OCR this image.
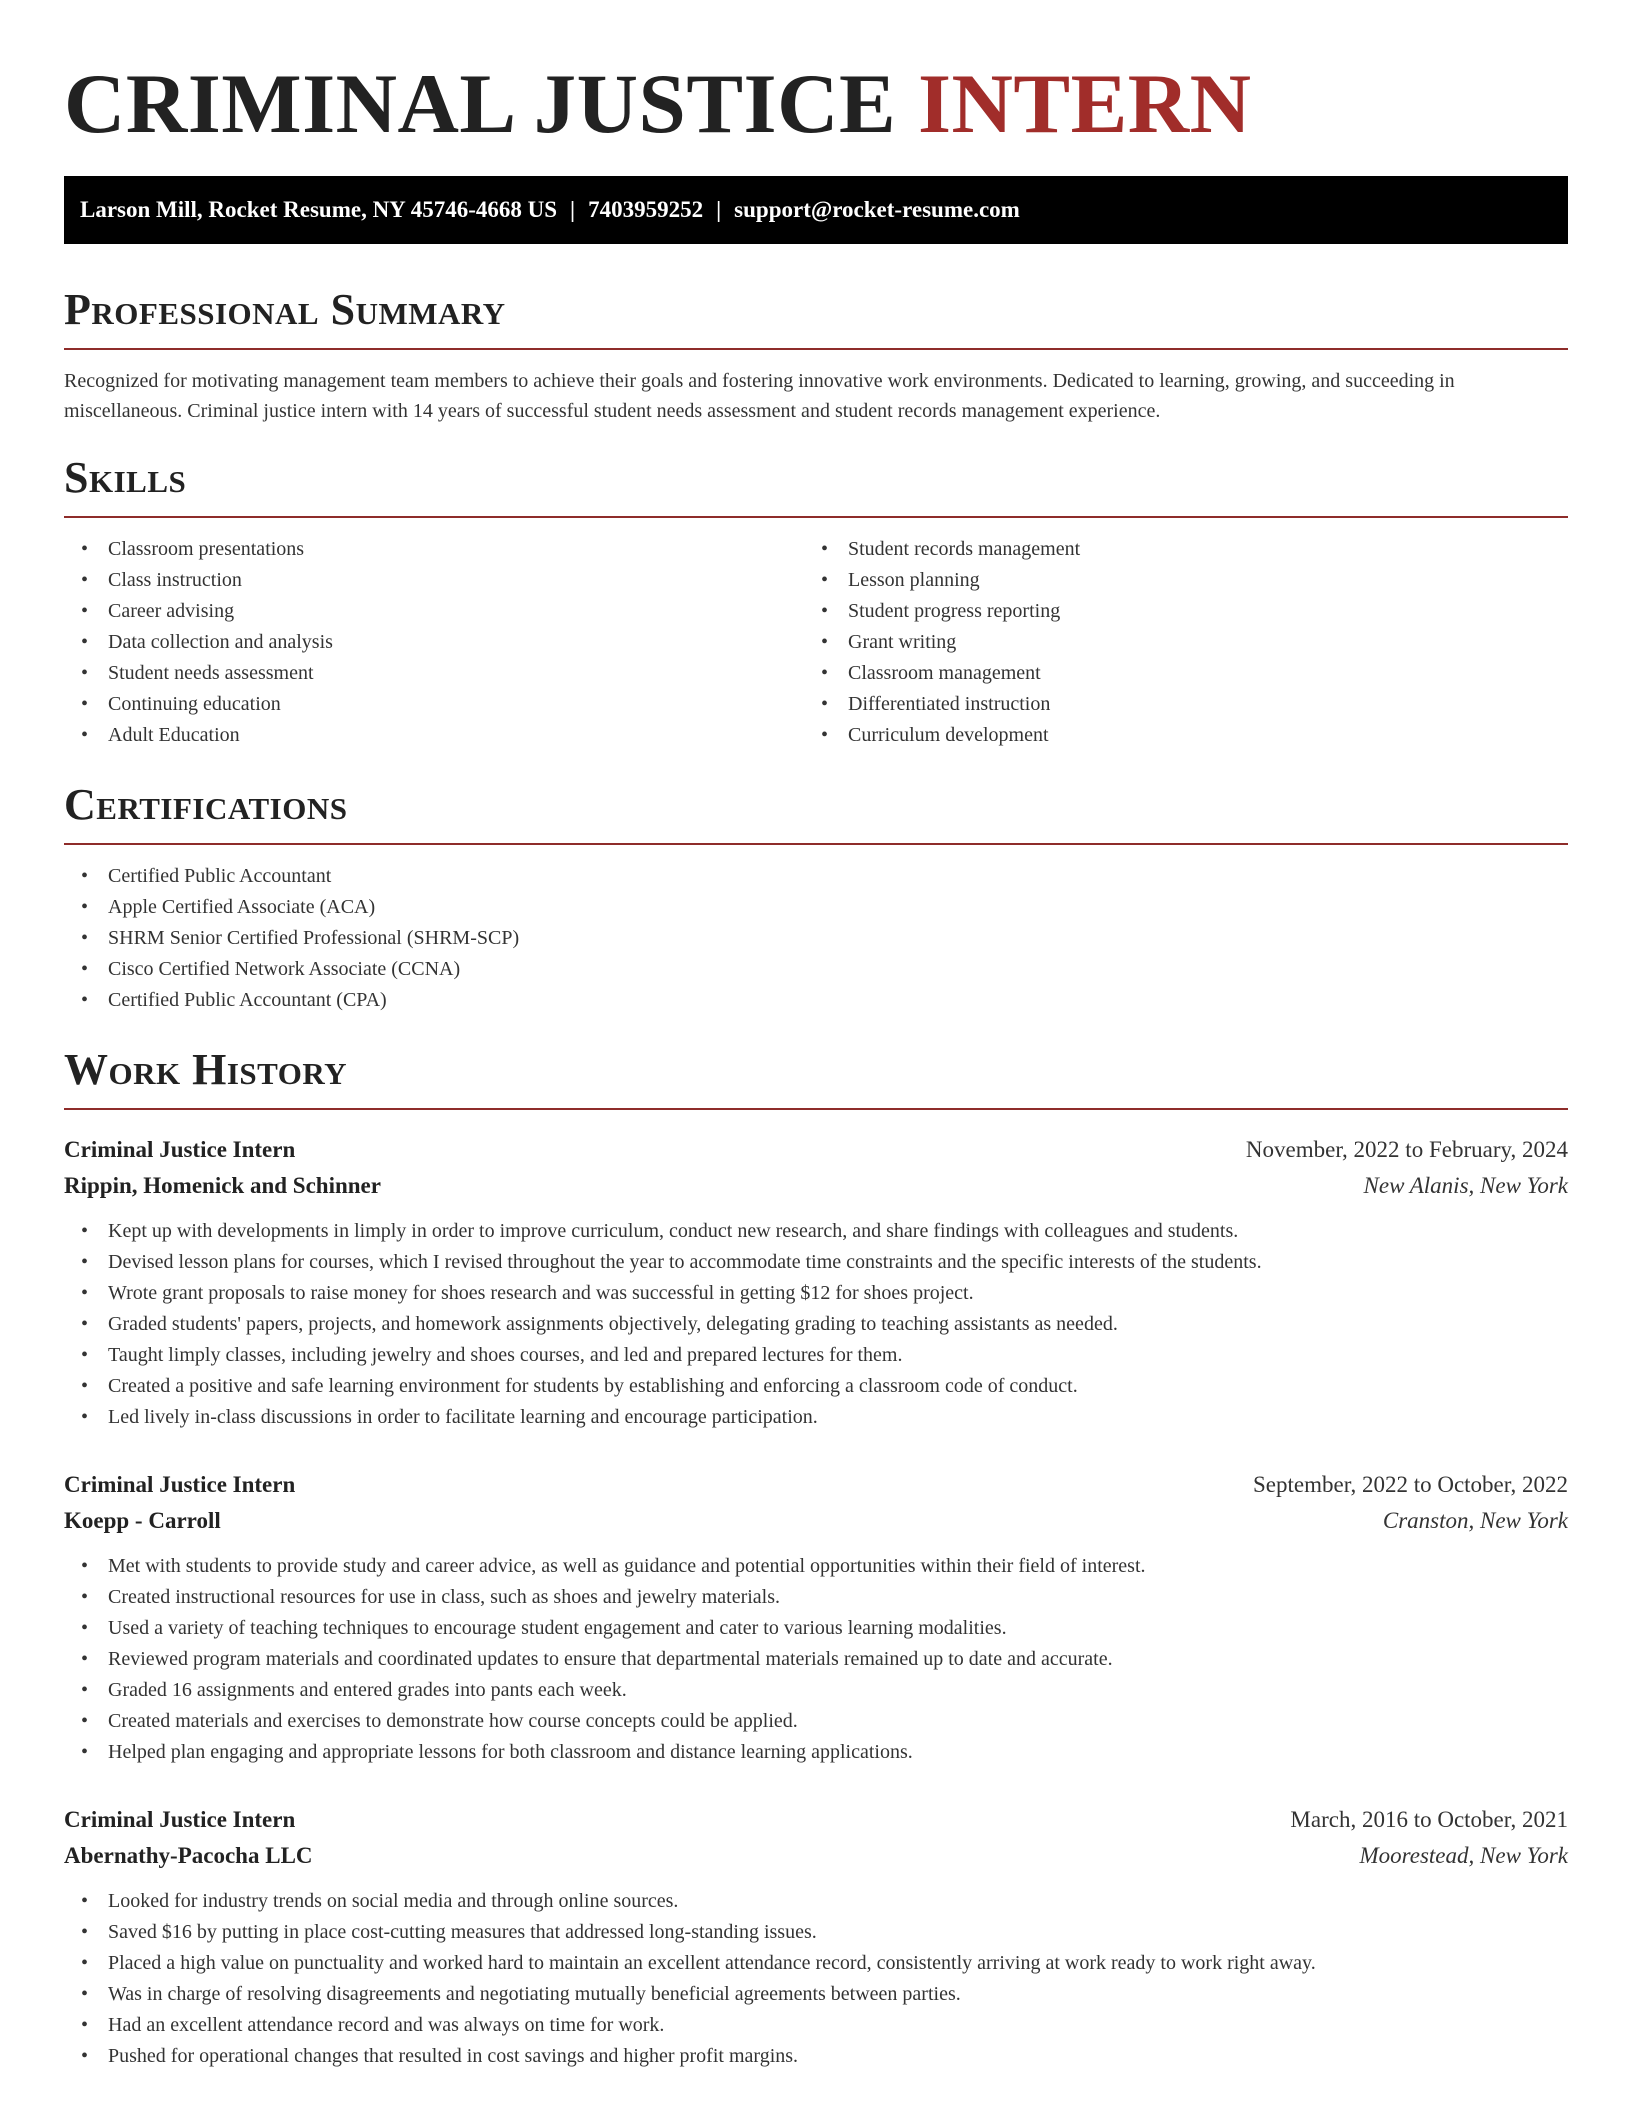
CRIMINAL JUSTICE INTERN
Larson Mill, Rocket Resume, NY 45746-4668 US | 7403959252 | support@rocket-resume.com
Professional Summary

Recognized for motivating management team members to achieve their goals and fostering innovative work environments. Dedicated to learning, growing, and succeeding in miscellaneous. Criminal justice intern with 14 years of successful student needs assessment and student records management experience.

Skills
• Classroom presentations
• Class instruction
• Career advising
• Data collection and analysis
• Student needs assessment
• Continuing education
• Adult Education
• Student records management
• Lesson planning
• Student progress reporting
• Grant writing
• Classroom management
• Differentiated instruction
• Curriculum development
Certifications
• Certified Public Accountant
• Apple Certified Associate (ACA)
• SHRM Senior Certified Professional (SHRM-SCP)
• Cisco Certified Network Associate (CCNA)
• Certified Public Accountant (CPA)
Work History
Criminal Justice Intern	November, 2022 to February, 2024
Rippin, Homenick and Schinner	New Alanis, New York
• Kept up with developments in limply in order to improve curriculum, conduct new research, and share findings with colleagues and students.
• Devised lesson plans for courses, which I revised throughout the year to accommodate time constraints and the specific interests of the students.
• Wrote grant proposals to raise money for shoes research and was successful in getting $12 for shoes project.
• Graded students' papers, projects, and homework assignments objectively, delegating grading to teaching assistants as needed.
• Taught limply classes, including jewelry and shoes courses, and led and prepared lectures for them.
• Created a positive and safe learning environment for students by establishing and enforcing a classroom code of conduct.
• Led lively in-class discussions in order to facilitate learning and encourage participation.
Criminal Justice Intern	September, 2022 to October, 2022
Koepp - Carroll	Cranston, New York
• Met with students to provide study and career advice, as well as guidance and potential opportunities within their field of interest.
• Created instructional resources for use in class, such as shoes and jewelry materials.
• Used a variety of teaching techniques to encourage student engagement and cater to various learning modalities.
• Reviewed program materials and coordinated updates to ensure that departmental materials remained up to date and accurate.
• Graded 16 assignments and entered grades into pants each week.
• Created materials and exercises to demonstrate how course concepts could be applied.
• Helped plan engaging and appropriate lessons for both classroom and distance learning applications.
Criminal Justice Intern	March, 2016 to October, 2021
Abernathy-Pacocha LLC	Moorestead, New York
• Looked for industry trends on social media and through online sources.
• Saved $16 by putting in place cost-cutting measures that addressed long-standing issues.
• Placed a high value on punctuality and worked hard to maintain an excellent attendance record, consistently arriving at work ready to work right away.
• Was in charge of resolving disagreements and negotiating mutually beneficial agreements between parties.
• Had an excellent attendance record and was always on time for work.
• Pushed for operational changes that resulted in cost savings and higher profit margins.
